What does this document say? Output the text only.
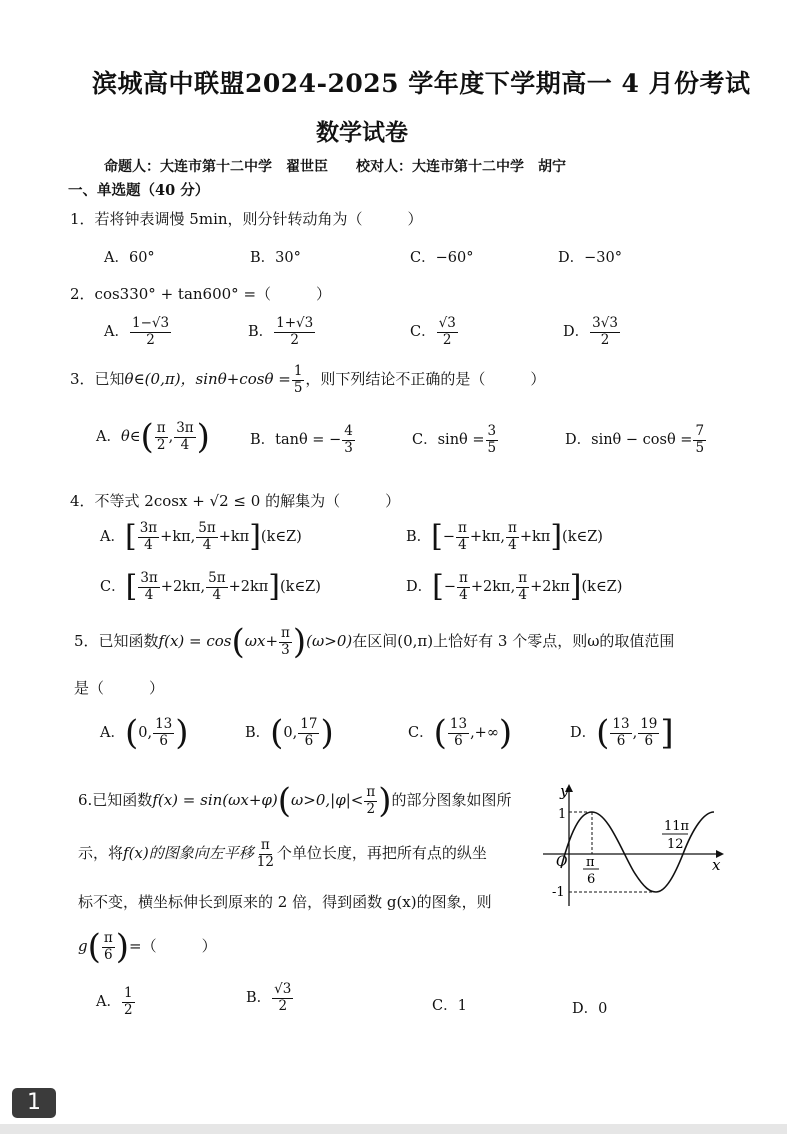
滨城高中联盟2024-2025 学年度下学期高一 4 月份考试
数学试卷
命题人：大连市第十二中学　翟世臣　　校对人：大连市第十二中学　胡宁
一、单选题（40 分）
1．若将钟表调慢 5min，则分针转动角为（　　　）
A．60°	B．30°	C．−60°	D．−30°
2．cos330° + tan600° =（　　　）
A． $\frac{1-√3}{2}$	B． $\frac{1+√3}{2}$	C． $\frac{√3}{2}$	D． $\frac{3√3}{2}$
3．已知θ∈(0,π)，$\sin\theta+\cos\theta = \frac{1}{5}$ ，则下列结论不正确的是（　　　）
A．θ∈( $\frac{\pi}{2}$ , $\frac{3\pi}{4}$ )	B．tanθ = − $\frac{4}{3}$	C．$\sin\theta = \frac{3}{5}$	D．$\sin\theta - \cos\theta = \frac{7}{5}$
4．不等式 2cosx + √2 ≤ 0 的解集为（　　　）
A．[ $\frac{3\pi}{4} +k\pi$, $\frac{5\pi}{4}$ +kπ](k∈Z)	B．[− $\frac{\pi}{4} +k\pi$, $\frac{\pi}{4}$ +kπ](k∈Z)
C．[ $\frac{3\pi}{4} +2k\pi$, $\frac{5\pi}{4}$ +2kπ](k∈Z)	D．[− $\frac{\pi}{4} +2k\pi$, $\frac{\pi}{4}$ +2kπ](k∈Z)
5．已知函数$f(x) = \cos(\omega x+ \frac{\pi}{3} )(\omega>0)$在区间(0,π)上恰好有 3 个零点，则ω的取值范围
是（　　　）
A．(0, $\frac{13}{6}$ )	B．(0, $\frac{17}{6}$ )	C．( $\frac{13}{6}$ ,+∞)	D．( $\frac{13}{6}$ , $\frac{19}{6}$ ]
6.已知函数$f(x) = \sin(\omega x+\varphi)(\omega>0,|\varphi|< \frac{\pi}{2}$ )的部分图象如图所
示，将f(x)的图象向左平移 $\frac{\pi}{12}$ 个单位长度，再把所有点的纵坐
标不变，横坐标伸长到原来的 2 倍，得到函数 g(x)的图象，则
$g( \frac{\pi}{6}$ )=（　　　）
A． $\frac{1}{2}$	B． $\frac{√3}{2}$	C．1	D．0
y
x
O
1
-1
π
6
11π
12
1
